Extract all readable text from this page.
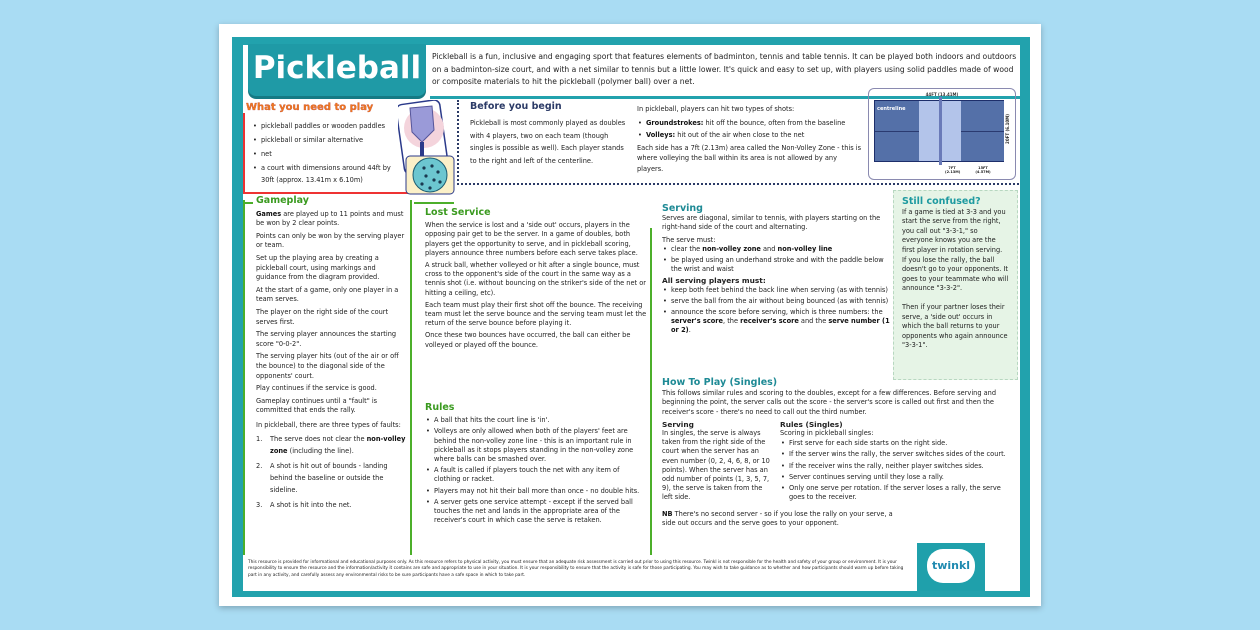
Pickleball	Pickleball is a fun, inclusive and engaging sport that features elements of badminton, tennis and table tennis. It can be played both indoors and outdoors on a badminton-size court, and with a net similar to tennis but a little lower. It's quick and easy to set up, with players using solid paddles made of wood or composite materials to hit the pickleball (polymer ball) over a net.
What you need to play
• pickleball paddles or wooden paddles
• pickleball or similar alternative
• net
• a court with dimensions around 44ft by 30ft (approx. 13.41m x 6.10m)
Before you begin
Pickleball is most commonly played as doubles with 4 players, two on each team (though singles is possible as well). Each player stands to the right and left of the centerline.

In pickleball, players can hit two types of shots:

• Groundstrokes: hit off the bounce, often from the baseline
• Volleys: hit out of the air when close to the net

Each side has a 7ft (2.13m) area called the Non-Volley Zone - this is where volleying the ball within its area is not allowed by any players.

44FT (13.41M)
centreline
20FT (6.10M)
7FT (2.13M)
15FT (4.57M)
Gameplay

Games are played up to 11 points and must be won by 2 clear points.

Points can only be won by the serving player or team.

Set up the playing area by creating a pickleball court, using markings and guidance from the diagram provided.

At the start of a game, only one player in a team serves.

The player on the right side of the court serves first.

The serving player announces the starting score "0-0-2".

The serving player hits (out of the air or off the bounce) to the diagonal side of the opponents' court.

Play continues if the service is good.

Gameplay continues until a "fault" is committed that ends the rally.

In pickleball, there are three types of faults:

1. The serve does not clear the non-volley zone (including the line).
2. A shot is hit out of bounds - landing behind the baseline or outside the sideline.
3. A shot is hit into the net.
Lost Service

When the service is lost and a 'side out' occurs, players in the opposing pair get to be the server. In a game of doubles, both players get the opportunity to serve, and in pickleball scoring, players announce three numbers before each serve takes place.

A struck ball, whether volleyed or hit after a single bounce, must cross to the opponent's side of the court in the same way as a tennis shot (i.e. without bouncing on the striker's side of the net or hitting a ceiling, etc).

Each team must play their first shot off the bounce. The receiving team must let the serve bounce and the serving team must let the return of the serve bounce before playing it.

Once these two bounces have occurred, the ball can either be volleyed or played off the bounce.

Rules
• A ball that hits the court line is 'in'.
• Volleys are only allowed when both of the players' feet are behind the non-volley zone line - this is an important rule in pickleball as it stops players standing in the non-volley zone where balls can be smashed over.
• A fault is called if players touch the net with any item of clothing or racket.
• Players may not hit their ball more than once - no double hits.
• A server gets one service attempt - except if the served ball touches the net and lands in the appropriate area of the receiver's court in which case the serve is retaken.
Serving

Serves are diagonal, similar to tennis, with players starting on the right-hand side of the court and alternating.

The serve must:

• clear the non-volley zone and non-volley line
• be played using an underhand stroke and with the paddle below the wrist and waist
All serving players must:
• keep both feet behind the back line when serving (as with tennis)
• serve the ball from the air without being bounced (as with tennis)
• announce the score before serving, which is three numbers: the server's score, the receiver's score and the serve number (1 or 2).
Still confused?

If a game is tied at 3-3 and you start the serve from the right, you call out "3-3-1," so everyone knows you are the first player in rotation serving.

If you lose the rally, the ball doesn't go to your opponents. It goes to your teammate who will announce "3-3-2".

Then if your partner loses their serve, a 'side out' occurs in which the ball returns to your opponents who again announce "3-3-1".

How To Play (Singles)

This follows similar rules and scoring to the doubles, except for a few differences. Before serving and beginning the point, the server calls out the score - the server's score is called out first and then the receiver's score - there's no need to call out the third number.

Serving

In singles, the serve is always taken from the right side of the court when the server has an even number (0, 2, 4, 6, 8, or 10 points). When the server has an odd number of points (1, 3, 5, 7, 9), the serve is taken from the left side.

Rules (Singles)

Scoring in pickleball singles:

• First serve for each side starts on the right side.
• If the server wins the rally, the server switches sides of the court.
• If the receiver wins the rally, neither player switches sides.
• Server continues serving until they lose a rally.
• Only one serve per rotation. If the server loses a rally, the serve goes to the receiver.

NB There's no second server - so if you lose the rally on your serve, a side out occurs and the serve goes to your opponent.

This resource is provided for informational and educational purposes only. As this resource refers to physical activity, you must ensure that an adequate risk assessment is carried out prior to using this resource. Twinkl is not responsible for the health and safety of your group or environment. It is your responsibility to ensure the resource and the information/activity it contains are safe and appropriate to use in your situation. It is your responsibility to ensure that the activity is safe for those participating. You may wish to take guidance as to whether and how participants should warm up before taking part in any activity, and carefully assess any environmental risks to be sure participants have a safe space in which to take part.
twinkl
